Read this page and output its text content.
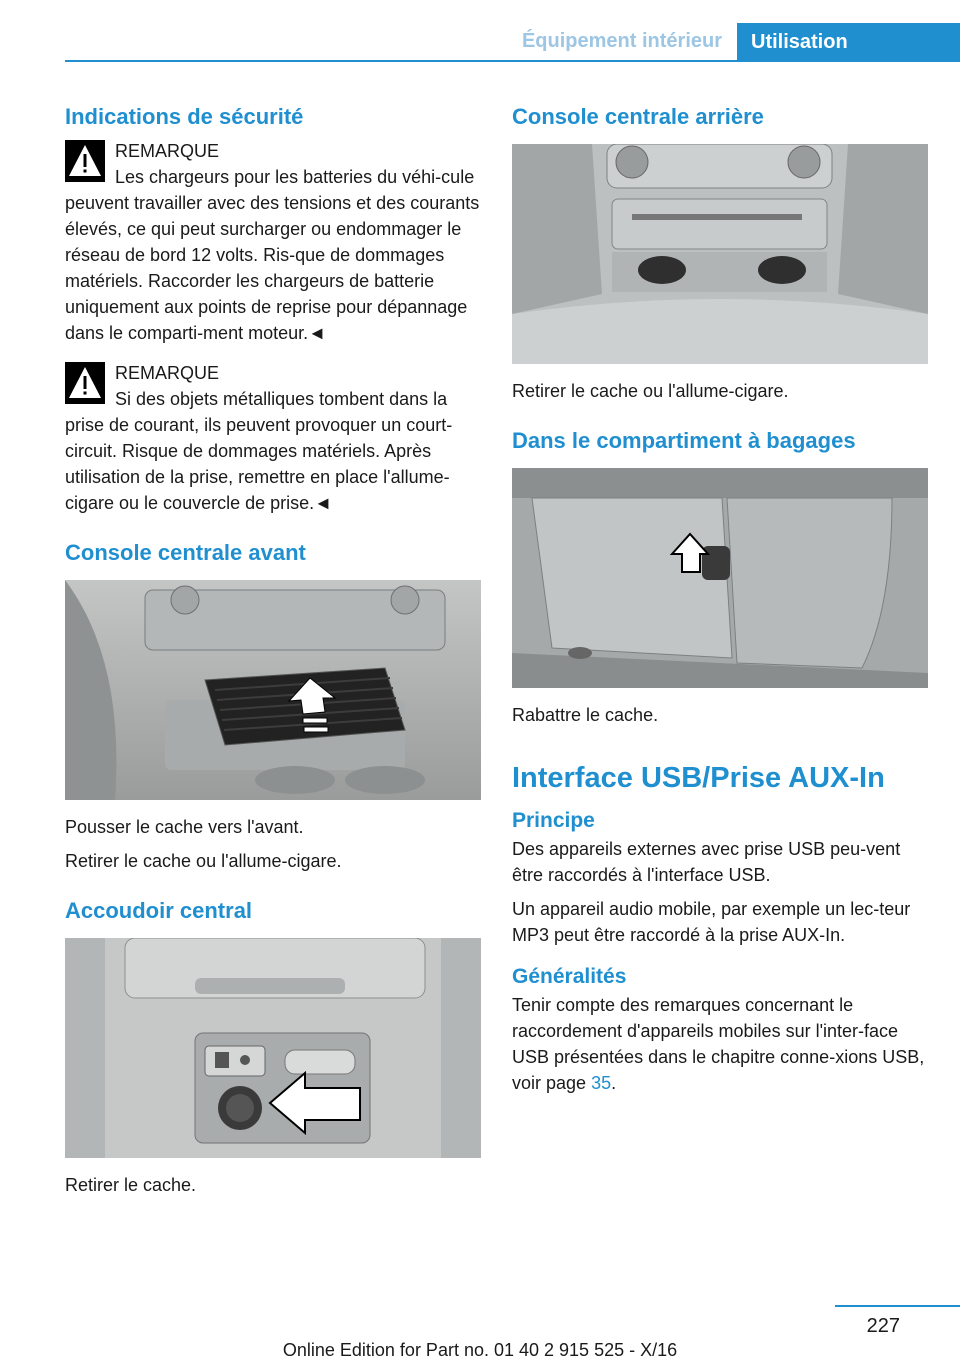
Équipement intérieur	Utilisation
Indications de sécurité
REMARQUE
Les chargeurs pour les batteries du véhi-cule peuvent travailler avec des tensions et des courants élevés, ce qui peut surcharger ou endommager le réseau de bord 12 volts. Ris-que de dommages matériels. Raccorder les chargeurs de batterie uniquement aux points de reprise pour dépannage dans le comparti-ment moteur.◄
REMARQUE
Si des objets métalliques tombent dans la prise de courant, ils peuvent provoquer un court-circuit. Risque de dommages matériels. Après utilisation de la prise, remettre en place l'allume-cigare ou le couvercle de prise.◄
Console centrale avant

Pousser le cache vers l'avant.

Retirer le cache ou l'allume-cigare.

Accoudoir central

Retirer le cache.

Console centrale arrière

Retirer le cache ou l'allume-cigare.

Dans le compartiment à bagages

Rabattre le cache.

Interface USB/Prise AUX-In
Principe

Des appareils externes avec prise USB peu-vent être raccordés à l'interface USB.

Un appareil audio mobile, par exemple un lec-teur MP3 peut être raccordé à la prise AUX-In.

Généralités

Tenir compte des remarques concernant le raccordement d'appareils mobiles sur l'inter-face USB présentées dans le chapitre conne-xions USB, voir page 35.

227
Online Edition for Part no. 01 40 2 915 525 - X/16
